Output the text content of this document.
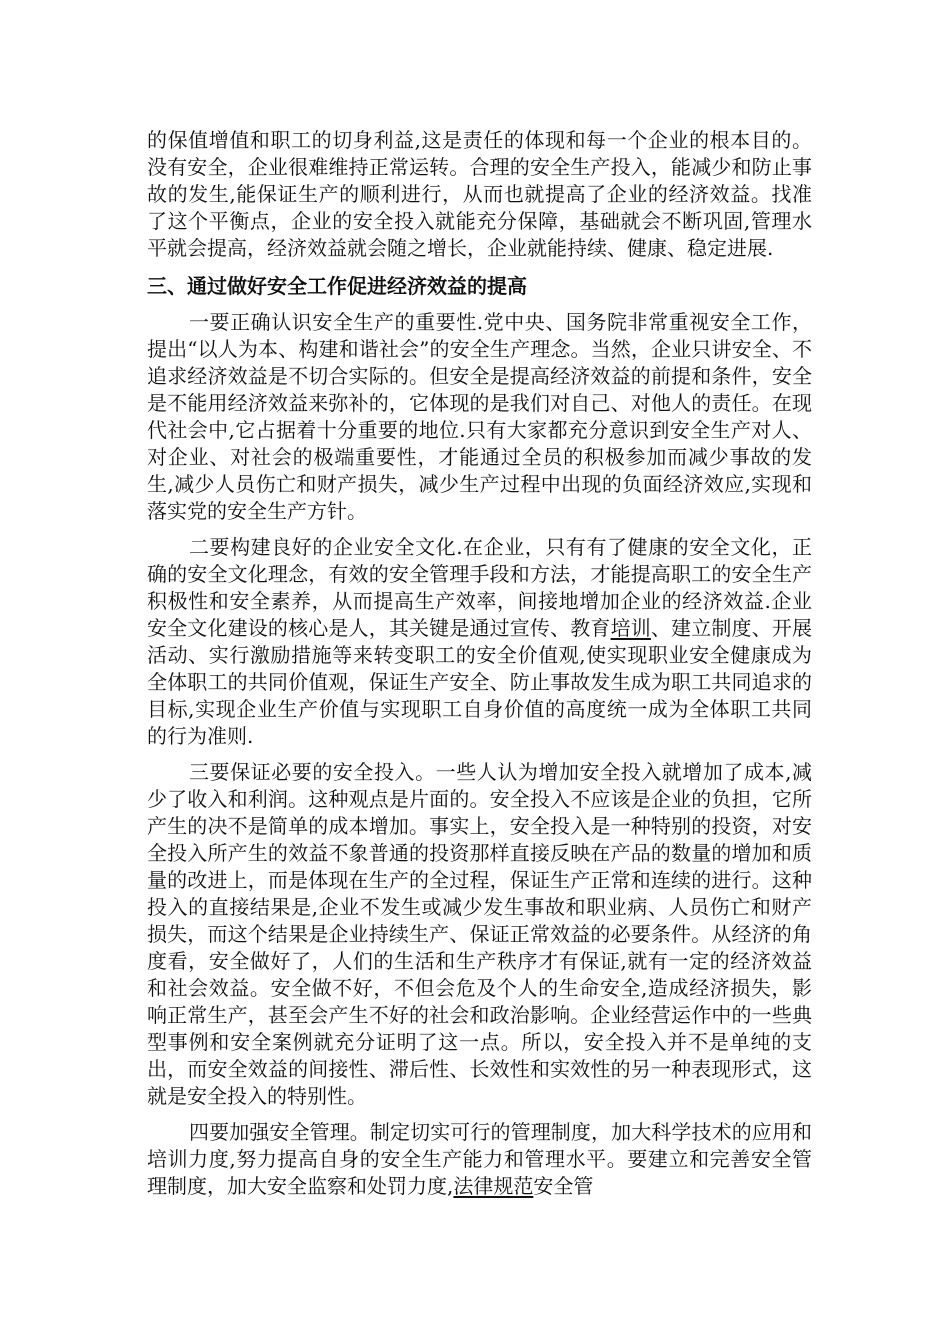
的保值增值和职工的切身利益,这是责任的体现和每一个企业的根本目的。没有安全，企业很难维持正常运转。合理的安全生产投入，能减少和防止事故的发生,能保证生产的顺利进行，从而也就提高了企业的经济效益。找准了这个平衡点，企业的安全投入就能充分保障，基础就会不断巩固,管理水平就会提高，经济效益就会随之增长，企业就能持续、健康、稳定进展.

三、通过做好安全工作促进经济效益的提高

一要正确认识安全生产的重要性.党中央、国务院非常重视安全工作，提出“以人为本、构建和谐社会”的安全生产理念。当然，企业只讲安全、不追求经济效益是不切合实际的。但安全是提高经济效益的前提和条件，安全是不能用经济效益来弥补的，它体现的是我们对自己、对他人的责任。在现代社会中,它占据着十分重要的地位.只有大家都充分意识到安全生产对人、对企业、对社会的极端重要性，才能通过全员的积极参加而减少事故的发生,减少人员伤亡和财产损失，减少生产过程中出现的负面经济效应,实现和落实党的安全生产方针。

二要构建良好的企业安全文化.在企业，只有有了健康的安全文化，正确的安全文化理念，有效的安全管理手段和方法，才能提高职工的安全生产积极性和安全素养，从而提高生产效率，间接地增加企业的经济效益.企业安全文化建设的核心是人，其关键是通过宣传、教育培训、建立制度、开展活动、实行激励措施等来转变职工的安全价值观,使实现职业安全健康成为全体职工的共同价值观，保证生产安全、防止事故发生成为职工共同追求的目标,实现企业生产价值与实现职工自身价值的高度统一成为全体职工共同的行为准则.

三要保证必要的安全投入。一些人认为增加安全投入就增加了成本,减少了收入和利润。这种观点是片面的。安全投入不应该是企业的负担，它所产生的决不是简单的成本增加。事实上，安全投入是一种特别的投资，对安全投入所产生的效益不象普通的投资那样直接反映在产品的数量的增加和质量的改进上，而是体现在生产的全过程，保证生产正常和连续的进行。这种投入的直接结果是,企业不发生或减少发生事故和职业病、人员伤亡和财产损失，而这个结果是企业持续生产、保证正常效益的必要条件。从经济的角度看，安全做好了，人们的生活和生产秩序才有保证,就有一定的经济效益和社会效益。安全做不好，不但会危及个人的生命安全,造成经济损失，影响正常生产，甚至会产生不好的社会和政治影响。企业经营运作中的一些典型事例和安全案例就充分证明了这一点。所以，安全投入并不是单纯的支出，而安全效益的间接性、滞后性、长效性和实效性的另一种表现形式，这就是安全投入的特别性。

四要加强安全管理。制定切实可行的管理制度，加大科学技术的应用和培训力度,努力提高自身的安全生产能力和管理水平。要建立和完善安全管理制度，加大安全监察和处罚力度,法律规范安全管
